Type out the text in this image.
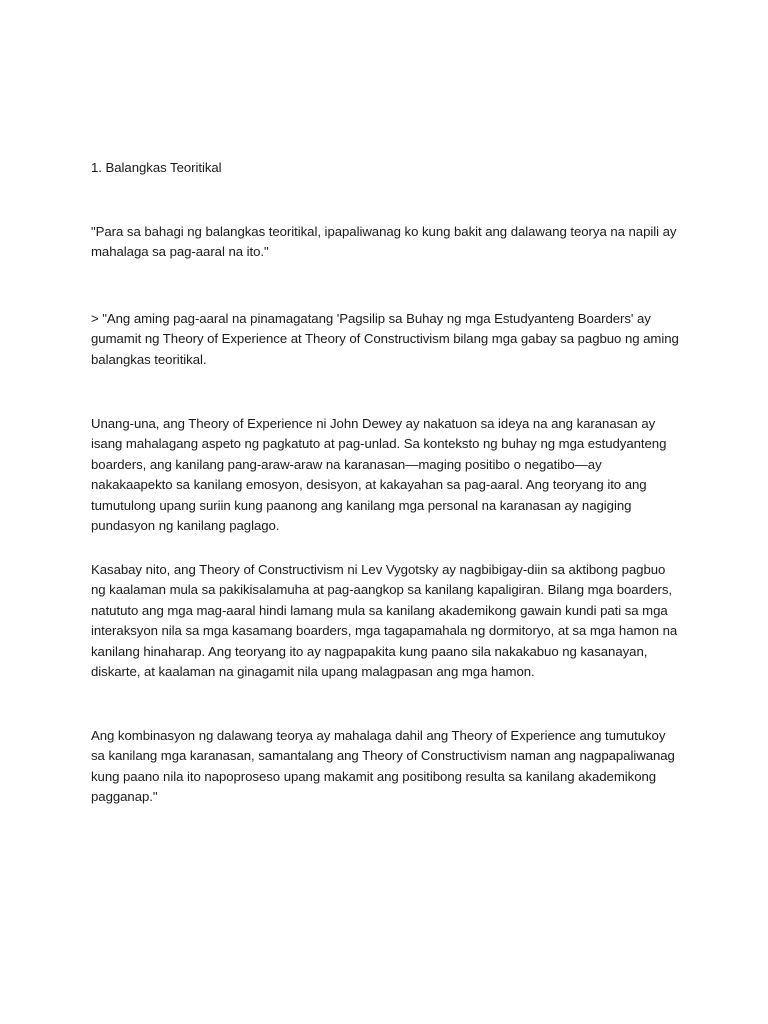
1. Balangkas Teoritikal

"Para sa bahagi ng balangkas teoritikal, ipapaliwanag ko kung bakit ang dalawang teorya na napili ay mahalaga sa pag-aaral na ito."

> "Ang aming pag-aaral na pinamagatang 'Pagsilip sa Buhay ng mga Estudyanteng Boarders' ay gumamit ng Theory of Experience at Theory of Constructivism bilang mga gabay sa pagbuo ng aming balangkas teoritikal.

Unang-una, ang Theory of Experience ni John Dewey ay nakatuon sa ideya na ang karanasan ay isang mahalagang aspeto ng pagkatuto at pag-unlad. Sa konteksto ng buhay ng mga estudyanteng boarders, ang kanilang pang-araw-araw na karanasan—maging positibo o negatibo—ay nakakaapekto sa kanilang emosyon, desisyon, at kakayahan sa pag-aaral. Ang teoryang ito ang tumutulong upang suriin kung paanong ang kanilang mga personal na karanasan ay nagiging pundasyon ng kanilang paglago.

Kasabay nito, ang Theory of Constructivism ni Lev Vygotsky ay nagbibigay-diin sa aktibong pagbuo ng kaalaman mula sa pakikisalamuha at pag-aangkop sa kanilang kapaligiran. Bilang mga boarders, natututo ang mga mag-aaral hindi lamang mula sa kanilang akademikong gawain kundi pati sa mga interaksyon nila sa mga kasamang boarders, mga tagapamahala ng dormitoryo, at sa mga hamon na kanilang hinaharap. Ang teoryang ito ay nagpapakita kung paano sila nakakabuo ng kasanayan, diskarte, at kaalaman na ginagamit nila upang malagpasan ang mga hamon.

Ang kombinasyon ng dalawang teorya ay mahalaga dahil ang Theory of Experience ang tumutukoy sa kanilang mga karanasan, samantalang ang Theory of Constructivism naman ang nagpapaliwanag kung paano nila ito napoproseso upang makamit ang positibong resulta sa kanilang akademikong pagganap."
